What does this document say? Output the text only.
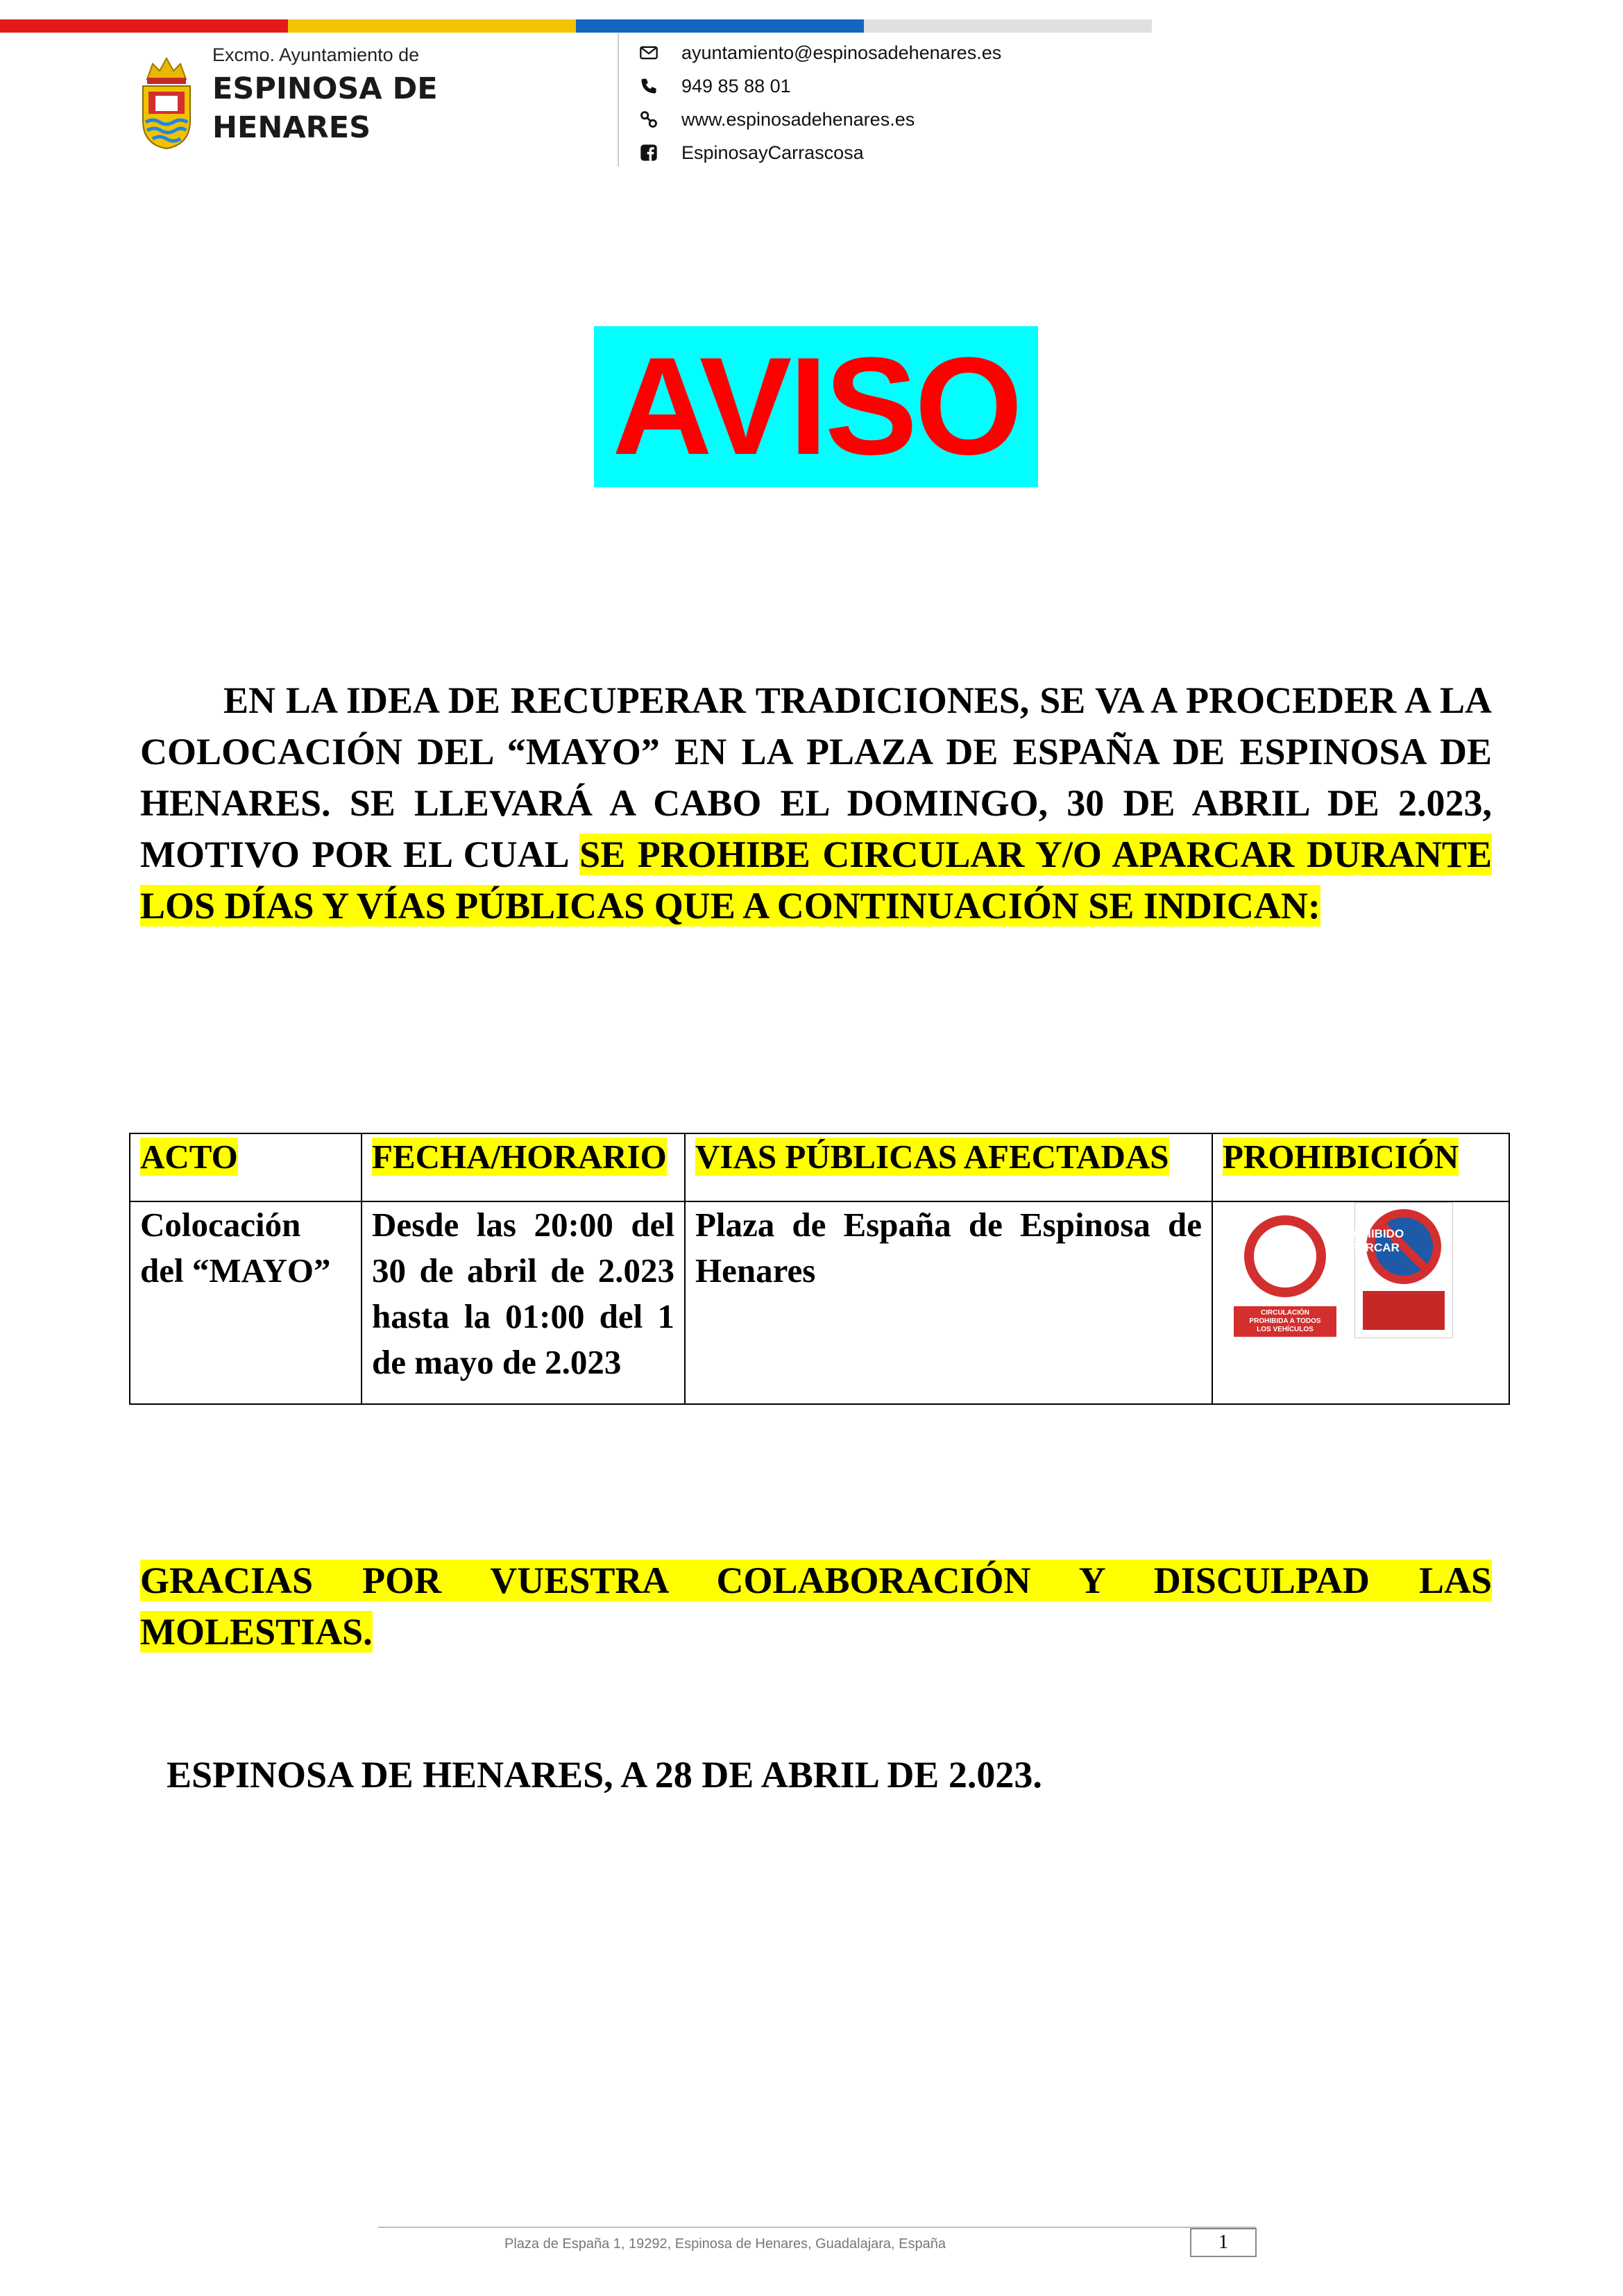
Excmo. Ayuntamiento de
ESPINOSA DE
HENARES
ayuntamiento@espinosadehenares.es
949 85 88 01
www.espinosadehenares.es
EspinosayCarrascosa
AVISO
EN LA IDEA DE RECUPERAR TRADICIONES, SE VA A PROCEDER A LA COLOCACIÓN DEL “MAYO” EN LA PLAZA DE ESPAÑA DE ESPINOSA DE HENARES. SE LLEVARÁ A CABO EL DOMINGO, 30 DE ABRIL DE 2.023, MOTIVO POR EL CUAL SE PROHIBE CIRCULAR Y/O APARCAR DURANTE LOS DÍAS Y VÍAS PÚBLICAS QUE A CONTINUACIÓN SE INDICAN:
ACTO	FECHA/HORARIO	VIAS PÚBLICAS AFECTADAS	PROHIBICIÓN
Colocación del “MAYO”	Desde las 20:00 del 30 de abril de 2.023 hasta la 01:00 del 1 de mayo de 2.023	Plaza de España de Espinosa de Henares	CIRCULACIÓN
PROHIBIDA A TODOS
LOS VEHÍCULOS
PROHIBIDO
APARCAR
GRACIAS POR VUESTRA COLABORACIÓN Y DISCULPAD LAS MOLESTIAS.
ESPINOSA DE HENARES, A 28 DE ABRIL DE 2.023.
Plaza de España 1, 19292, Espinosa de Henares, Guadalajara, España	1
